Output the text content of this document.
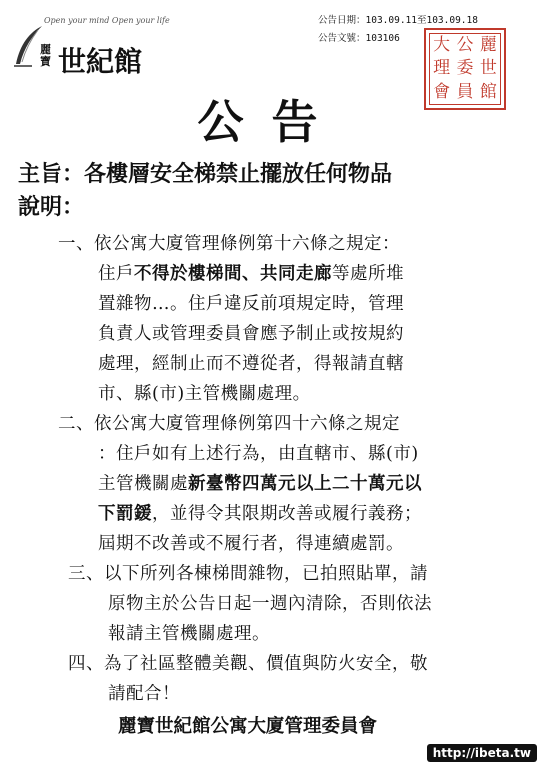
Open your mind Open your life
麗寶 世紀館
公告日期：103.09.11至103.09.18
公告文號：103106 大 公 麗
理 委 世
會 員 館
公告
主旨：各樓層安全梯禁止擺放任何物品
說明：
一、依公寓大廈管理條例第十六條之規定：
住戶不得於樓梯間、共同走廊等處所堆
置雜物…。住戶違反前項規定時，管理
負責人或管理委員會應予制止或按規約
處理，經制止而不遵從者，得報請直轄
市、縣(市)主管機關處理。
二、依公寓大廈管理條例第四十六條之規定
：住戶如有上述行為，由直轄市、縣(市)
主管機關處新臺幣四萬元以上二十萬元以
下罰鍰，並得令其限期改善或履行義務；
屆期不改善或不履行者，得連續處罰。
三、以下所列各棟梯間雜物，已拍照貼單，請
原物主於公告日起一週內清除，否則依法
報請主管機關處理。
四、為了社區整體美觀、價值與防火安全，敬
請配合！
麗寶世紀館公寓大廈管理委員會
http://ibeta.tw
